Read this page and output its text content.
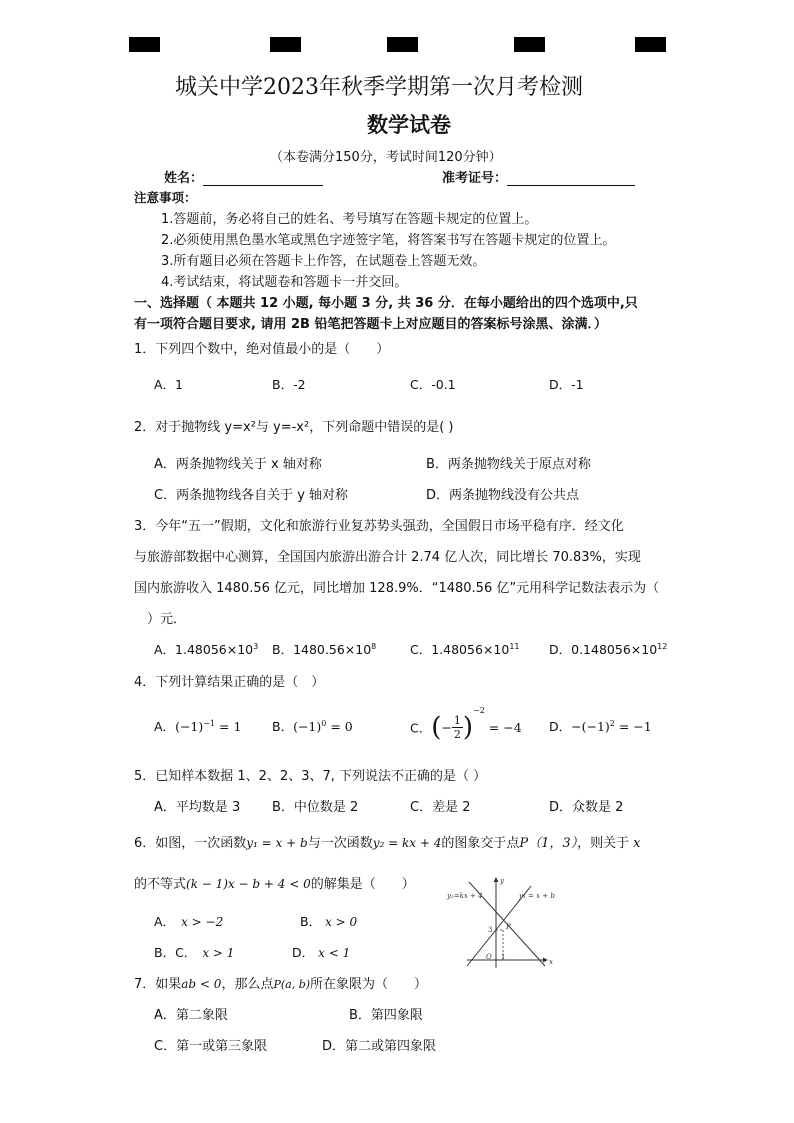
城关中学2023年秋季学期第一次月考检测
数学试卷
（本卷满分150分，考试时间120分钟）
姓名：	准考证号：
注意事项：
1.答题前，务必将自己的姓名、考号填写在答题卡规定的位置上。
2.必须使用黑色墨水笔或黑色字迹签字笔，将答案书写在答题卡规定的位置上。
3.所有题目必须在答题卡上作答，在试题卷上答题无效。
4.考试结束，将试题卷和答题卡一并交回。
一、选择题（ 本题共 12 小题, 每小题 3 分, 共 36 分．在每小题给出的四个选项中,只
有一项符合题目要求, 请用 2B 铅笔把答题卡上对应题目的答案标号涂黑、涂满．）
1．下列四个数中，绝对值最小的是（　　）
A．1	B．-2	C．-0.1	D．-1
2．对于抛物线 y=x²与 y=-x²，下列命题中错误的是( )
A．两条抛物线关于 x 轴对称	B．两条抛物线关于原点对称
C．两条抛物线各自关于 y 轴对称	D．两条抛物线没有公共点
3．今年“五一”假期，文化和旅游行业复苏势头强劲，全国假日市场平稳有序．经文化
与旅游部数据中心测算，全国国内旅游出游合计 2.74 亿人次，同比增长 70.83%，实现
国内旅游收入 1480.56 亿元，同比增加 128.9%．“1480.56 亿”元用科学记数法表示为（
　）元．
A．$1.48056\times 10^3$ B．$1480.56\times 10^8$	C．$1.48056\times 10^{11}$ D．$0.148056\times 10^{12}$
4．下列计算结果正确的是（　）
A．$(-1)^{-1} = 1$ B．$(-1)^0 = 0$	C．(− $\frac{1}{2} )^{-2} = -4$ D．$-(-1)^2 = -1$
5．已知样本数据 1、2、2、3、7, 下列说法不正确的是（ ）
A．平均数是 3 B．中位数是 2	C．差是 2	D．众数是 2
6．如图，一次函数y₁ = x + b与一次函数y₂ = kx + 4的图象交于点P（1，3），则关于 x
的不等式(k − 1)x − b + 4 < 0的解集是（　　）
A． x > −2	B． x > 0
B．C． x > 1	D． x < 1
y₂=kx + 4	y₁ = x + b
y
x
O 1
3 P
7．如果ab < 0，那么点P(a, b)所在象限为（　　）
A．第二象限	B．第四象限
C．第一或第三象限	D．第二或第四象限
